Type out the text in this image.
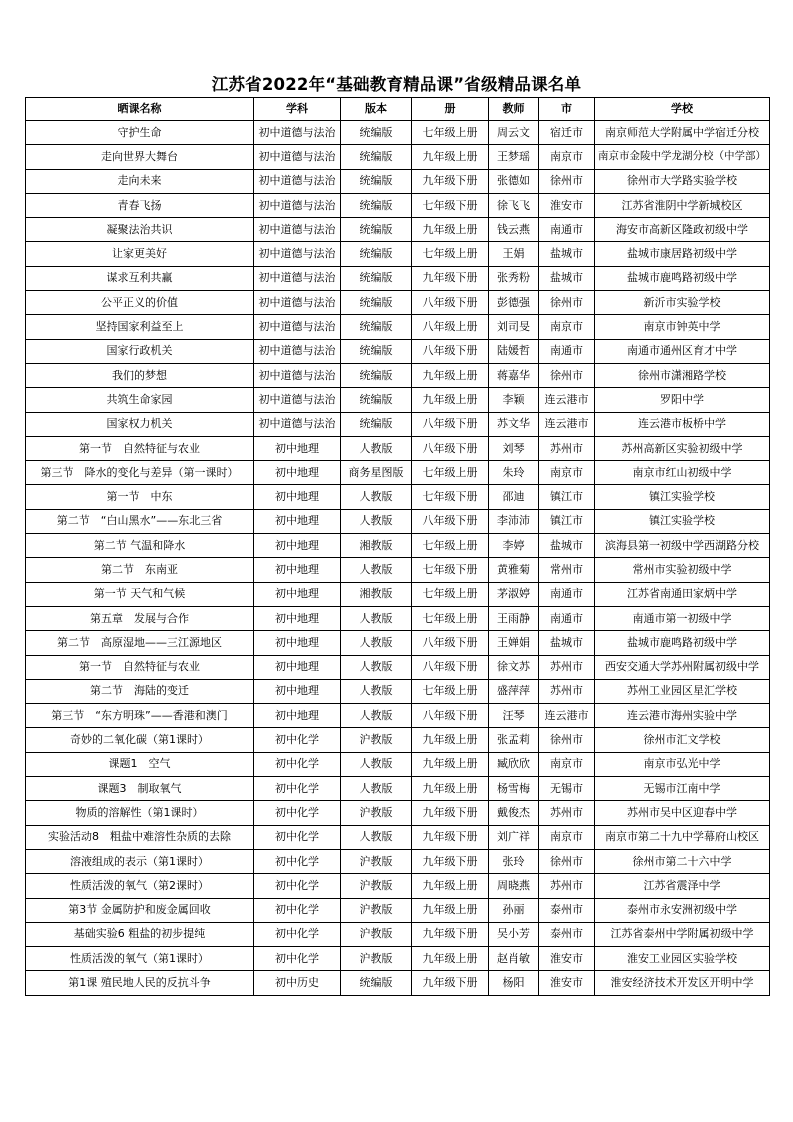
江苏省2022年“基础教育精品课”省级精品课名单
晒课名称	学科	版本	册	教师	市	学校
守护生命	初中道德与法治	统编版	七年级上册	周云文	宿迁市	南京师范大学附属中学宿迁分校
走向世界大舞台	初中道德与法治	统编版	九年级上册	王梦瑶	南京市	南京市金陵中学龙湖分校（中学部）
走向未来	初中道德与法治	统编版	九年级下册	张德如	徐州市	徐州市大学路实验学校
青春飞扬	初中道德与法治	统编版	七年级下册	徐飞飞	淮安市	江苏省淮阴中学新城校区
凝聚法治共识	初中道德与法治	统编版	九年级上册	钱云燕	南通市	海安市高新区隆政初级中学
让家更美好	初中道德与法治	统编版	七年级上册	王娟	盐城市	盐城市康居路初级中学
谋求互利共赢	初中道德与法治	统编版	九年级下册	张秀粉	盐城市	盐城市鹿鸣路初级中学
公平正义的价值	初中道德与法治	统编版	八年级下册	彭德强	徐州市	新沂市实验学校
坚持国家利益至上	初中道德与法治	统编版	八年级上册	刘司旻	南京市	南京市钟英中学
国家行政机关	初中道德与法治	统编版	八年级下册	陆媛哲	南通市	南通市通州区育才中学
我们的梦想	初中道德与法治	统编版	九年级上册	蒋嘉华	徐州市	徐州市潇湘路学校
共筑生命家园	初中道德与法治	统编版	九年级上册	李颖	连云港市	罗阳中学
国家权力机关	初中道德与法治	统编版	八年级下册	苏文华	连云港市	连云港市板桥中学
第一节　自然特征与农业	初中地理	人教版	八年级下册	刘琴	苏州市	苏州高新区实验初级中学
第三节　降水的变化与差异（第一课时）	初中地理	商务星图版	七年级上册	朱玲	南京市	南京市红山初级中学
第一节　中东	初中地理	人教版	七年级下册	邵迪	镇江市	镇江实验学校
第二节　“白山黑水”——东北三省	初中地理	人教版	八年级下册	李沛沛	镇江市	镇江实验学校
第二节 气温和降水	初中地理	湘教版	七年级上册	李婷	盐城市	滨海县第一初级中学西湖路分校
第二节　东南亚	初中地理	人教版	七年级下册	黄雅菊	常州市	常州市实验初级中学
第一节 天气和气候	初中地理	湘教版	七年级上册	茅淑婷	南通市	江苏省南通田家炳中学
第五章　发展与合作	初中地理	人教版	七年级上册	王雨静	南通市	南通市第一初级中学
第二节　高原湿地——三江源地区	初中地理	人教版	八年级下册	王婵娟	盐城市	盐城市鹿鸣路初级中学
第一节　自然特征与农业	初中地理	人教版	八年级下册	徐文苏	苏州市	西安交通大学苏州附属初级中学
第二节　海陆的变迁	初中地理	人教版	七年级上册	盛萍萍	苏州市	苏州工业园区星汇学校
第三节　“东方明珠”——香港和澳门	初中地理	人教版	八年级下册	汪琴	连云港市	连云港市海州实验中学
奇妙的二氧化碳（第1课时）	初中化学	沪教版	九年级上册	张孟莉	徐州市	徐州市汇文学校
课题1　空气	初中化学	人教版	九年级上册	臧欣欣	南京市	南京市弘光中学
课题3　制取氧气	初中化学	人教版	九年级上册	杨雪梅	无锡市	无锡市江南中学
物质的溶解性（第1课时）	初中化学	沪教版	九年级下册	戴俊杰	苏州市	苏州市吴中区迎春中学
实验活动8　粗盐中难溶性杂质的去除	初中化学	人教版	九年级下册	刘广祥	南京市	南京市第二十九中学幕府山校区
溶液组成的表示（第1课时）	初中化学	沪教版	九年级下册	张玲	徐州市	徐州市第二十六中学
性质活泼的氧气（第2课时）	初中化学	沪教版	九年级上册	周晓燕	苏州市	江苏省震泽中学
第3节 金属防护和废金属回收	初中化学	沪教版	九年级上册	孙丽	泰州市	泰州市永安洲初级中学
基础实验6 粗盐的初步提纯	初中化学	沪教版	九年级下册	吴小芳	泰州市	江苏省泰州中学附属初级中学
性质活泼的氧气（第1课时）	初中化学	沪教版	九年级上册	赵肖敏	淮安市	淮安工业园区实验学校
第1课 殖民地人民的反抗斗争	初中历史	统编版	九年级下册	杨阳	淮安市	淮安经济技术开发区开明中学
